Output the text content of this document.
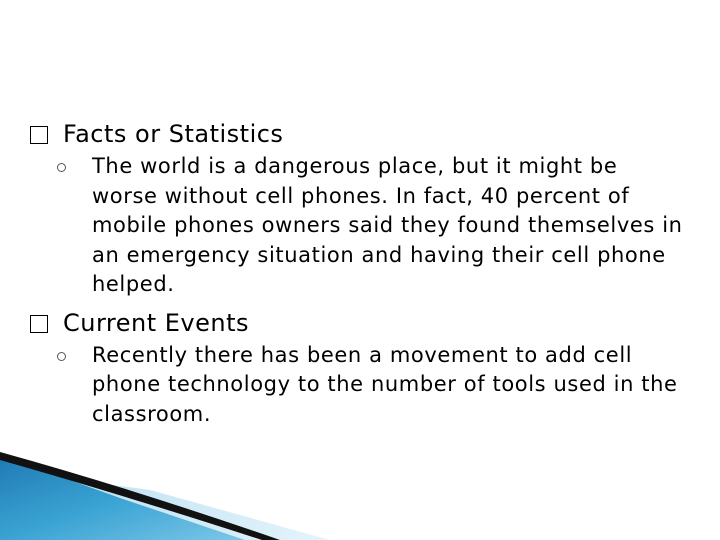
Facts or Statistics
The world is a dangerous place, but it might be worse without cell phones. In fact, 40 percent of mobile phones owners said they found themselves in an emergency situation and having their cell phone helped.
Current Events
Recently there has been a movement to add cell phone technology to the number of tools used in the classroom.
